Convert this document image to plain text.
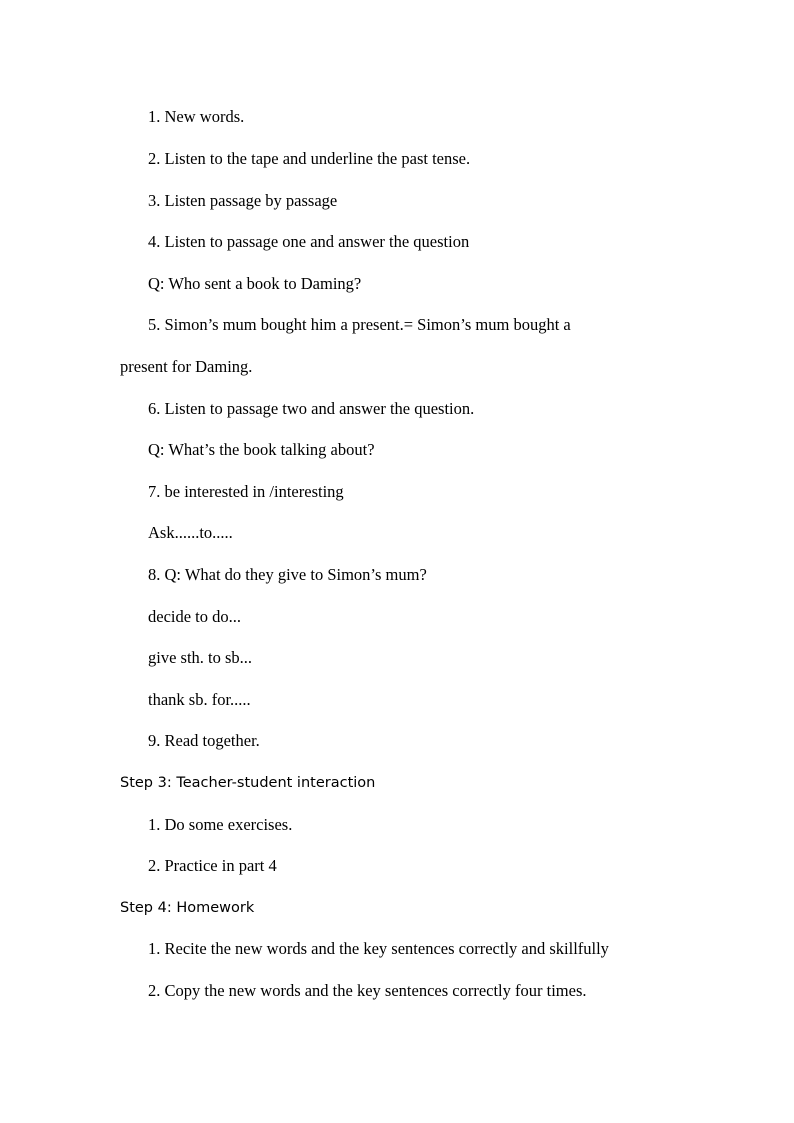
1. New words.
2. Listen to the tape and underline the past tense.
3. Listen passage by passage
4. Listen to passage one and answer the question
Q: Who sent a book to Daming?
5. Simon’s mum bought him a present.= Simon’s mum bought a
present for Daming.
6. Listen to passage two and answer the question.
Q: What’s the book talking about?
7. be interested in /interesting
Ask......to.....
8. Q: What do they give to Simon’s mum?
decide to do...
give sth. to sb...
thank sb. for.....
9. Read together.
Step 3: Teacher-student interaction
1. Do some exercises.
2. Practice in part 4
Step 4: Homework
1. Recite the new words and the key sentences correctly and skillfully
2. Copy the new words and the key sentences correctly four times.
